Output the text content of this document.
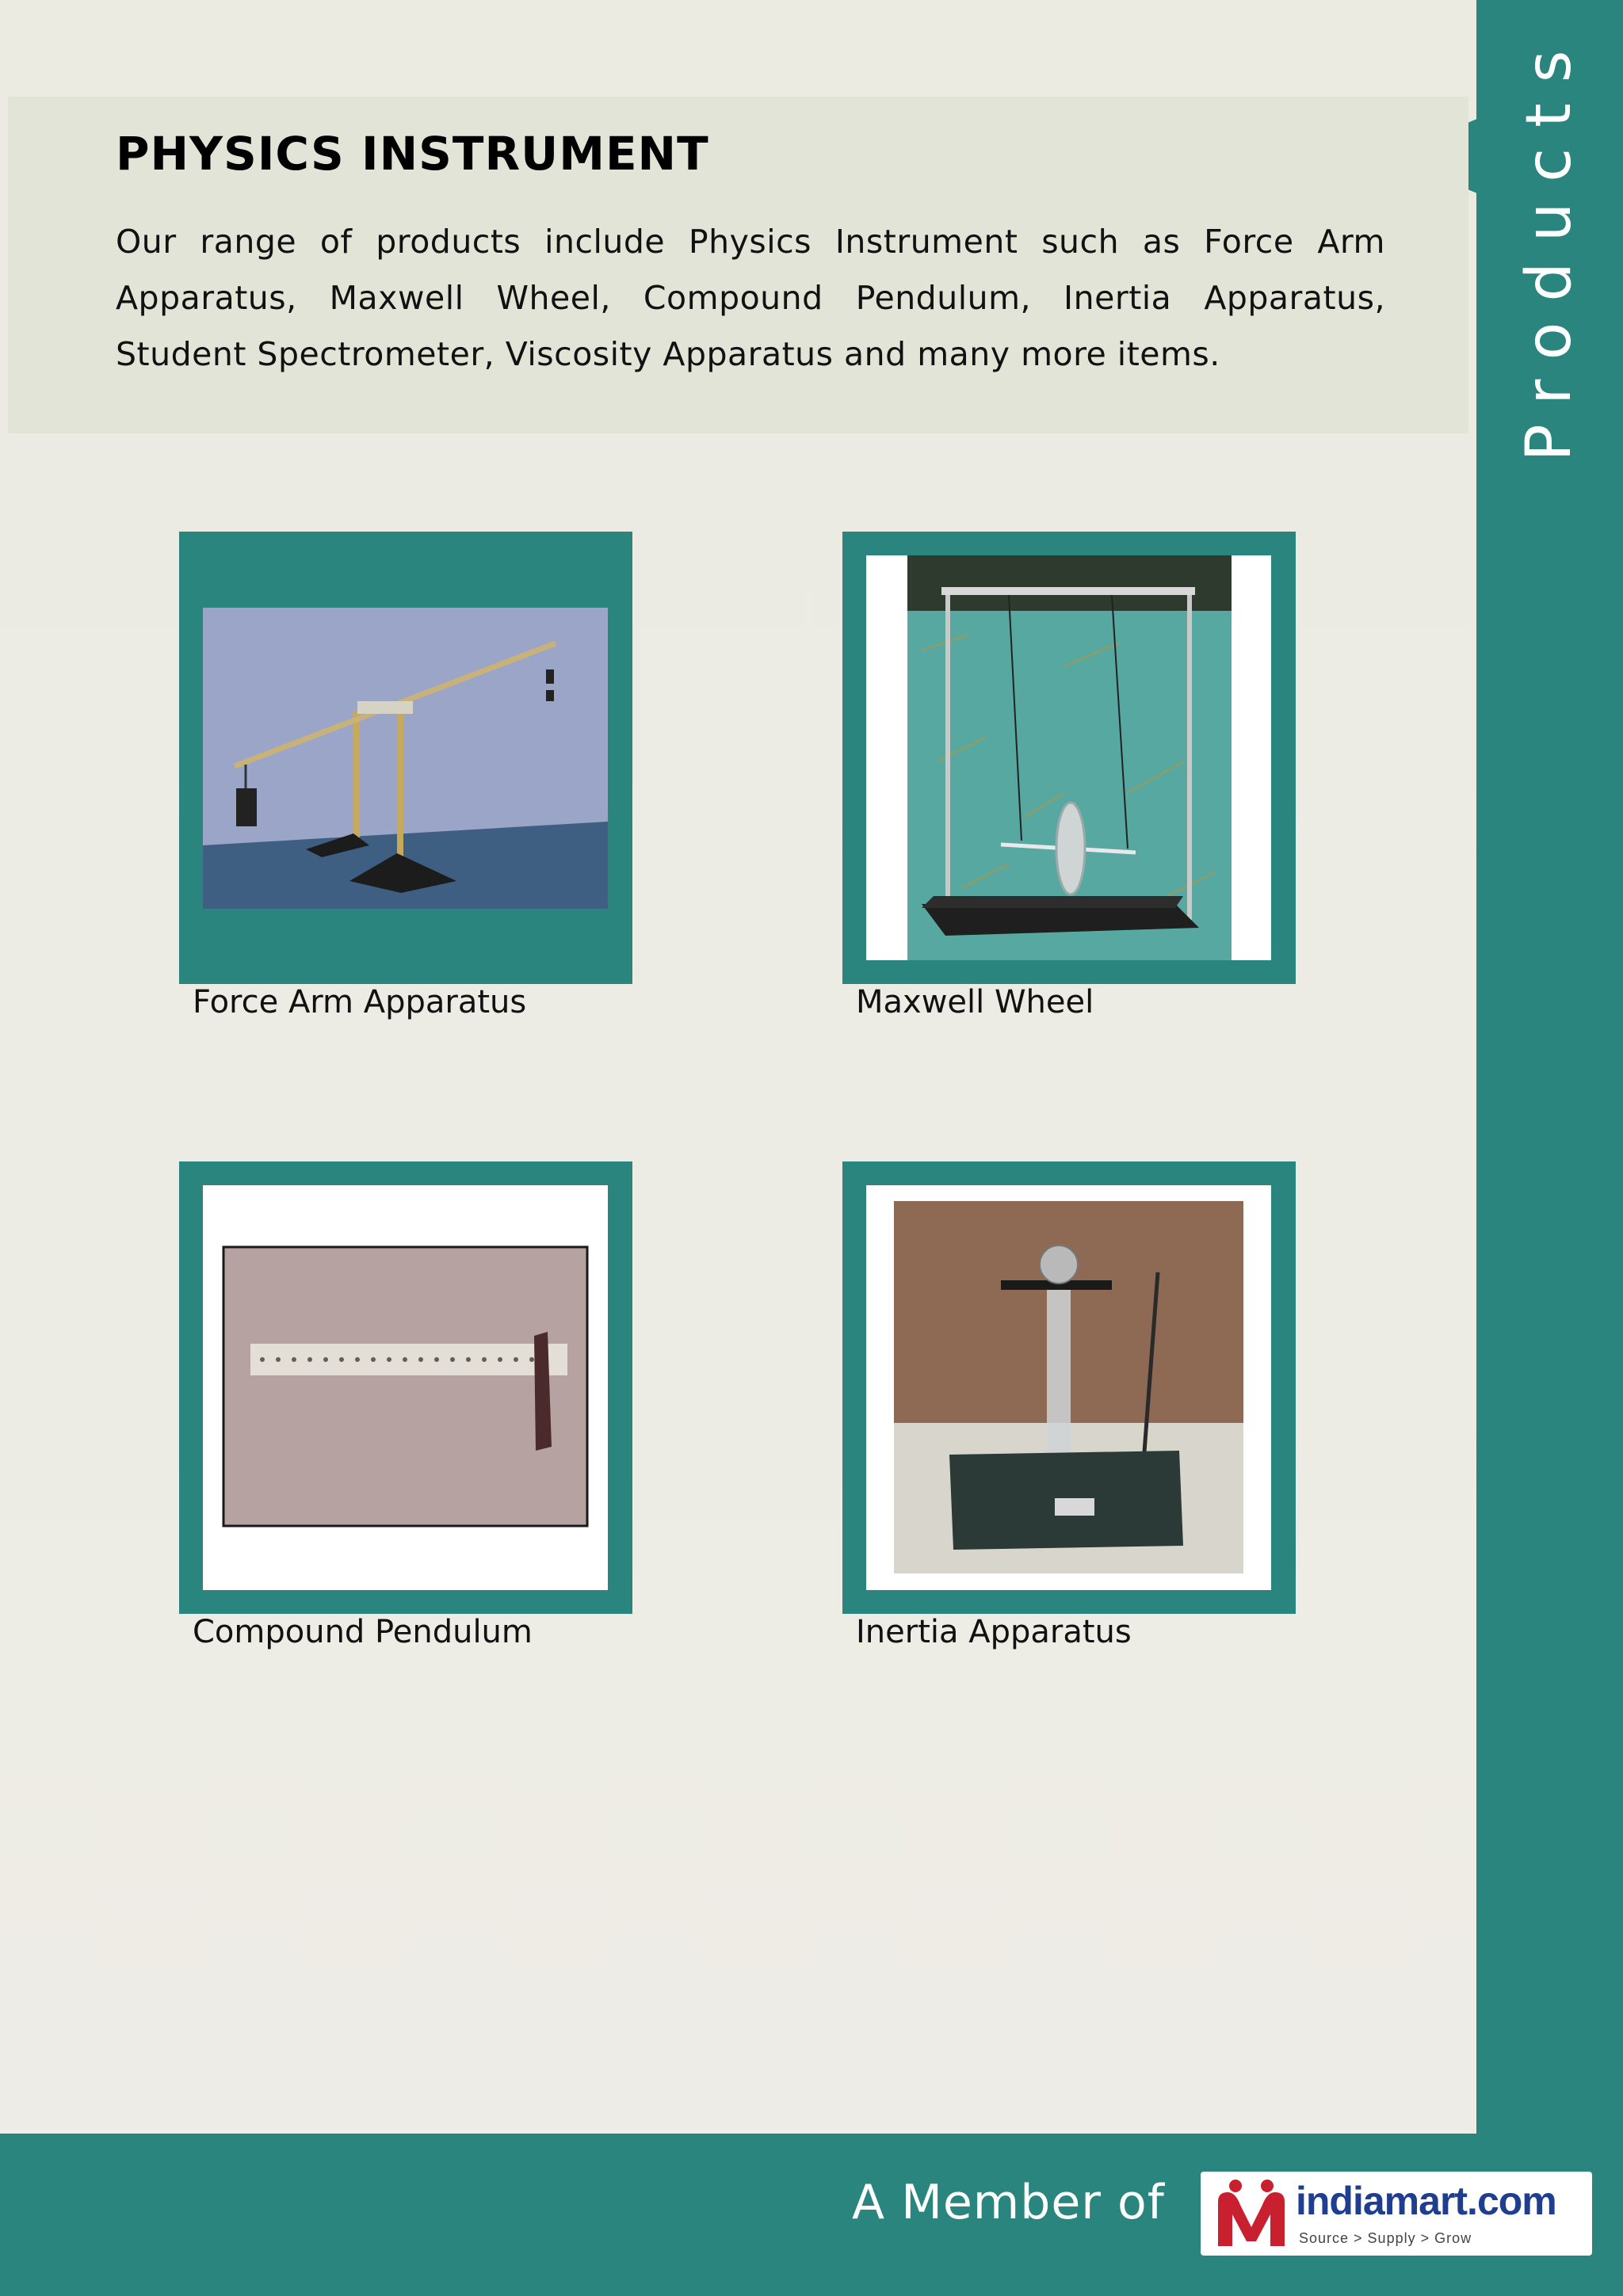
Products
PHYSICS INSTRUMENT

Our range of products include Physics Instrument such as Force Arm Apparatus, Maxwell Wheel, Compound Pendulum, Inertia Apparatus, Student Spectrometer, Viscosity Apparatus and many more items.

Force Arm Apparatus	Maxwell Wheel
Compound Pendulum	Inertia Apparatus
A Member of	indiamart.com
Source > Supply > Grow
